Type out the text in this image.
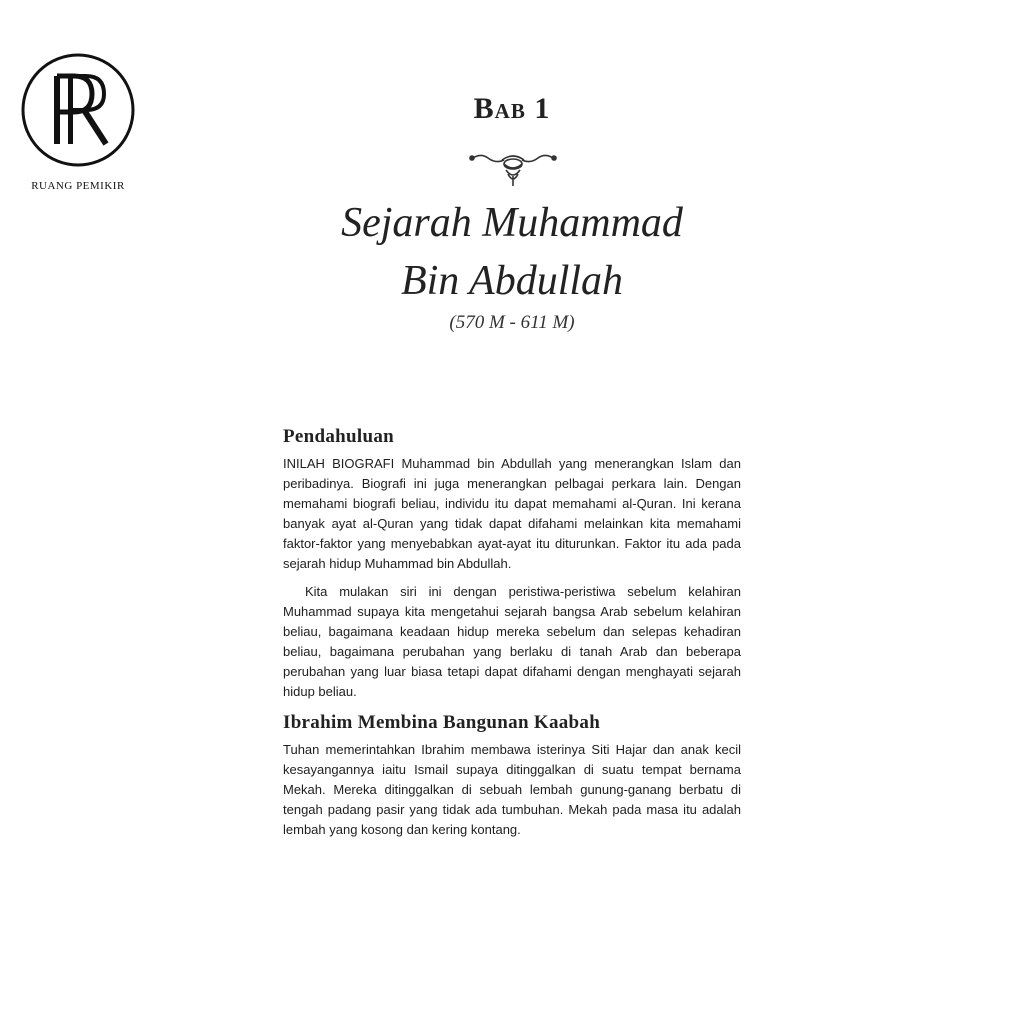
RUANG PEMIKIR
Bab 1
Sejarah Muhammad
Bin Abdullah
(570 M - 611 M)
Pendahuluan

INILAH BIOGRAFI Muhammad bin Abdullah yang menerangkan Islam dan peribadinya. Biografi ini juga menerangkan pelbagai perkara lain. Dengan memahami biografi beliau, individu itu dapat memahami al-Quran. Ini kerana banyak ayat al-Quran yang tidak dapat difahami melainkan kita memahami faktor-faktor yang menyebabkan ayat-ayat itu diturunkan. Faktor itu ada pada sejarah hidup Muhammad bin Abdullah.

Kita mulakan siri ini dengan peristiwa-peristiwa sebelum kelahiran Muhammad supaya kita mengetahui sejarah bangsa Arab sebelum kelahiran beliau, bagaimana keadaan hidup mereka sebelum dan selepas kehadiran beliau, bagaimana perubahan yang berlaku di tanah Arab dan beberapa perubahan yang luar biasa tetapi dapat difahami dengan menghayati sejarah hidup beliau.

Ibrahim Membina Bangunan Kaabah

Tuhan memerintahkan Ibrahim membawa isterinya Siti Hajar dan anak kecil kesayangannya iaitu Ismail supaya ditinggalkan di suatu tempat bernama Mekah. Mereka ditinggalkan di sebuah lembah gunung-ganang berbatu di tengah padang pasir yang tidak ada tumbuhan. Mekah pada masa itu adalah lembah yang kosong dan kering kontang.
